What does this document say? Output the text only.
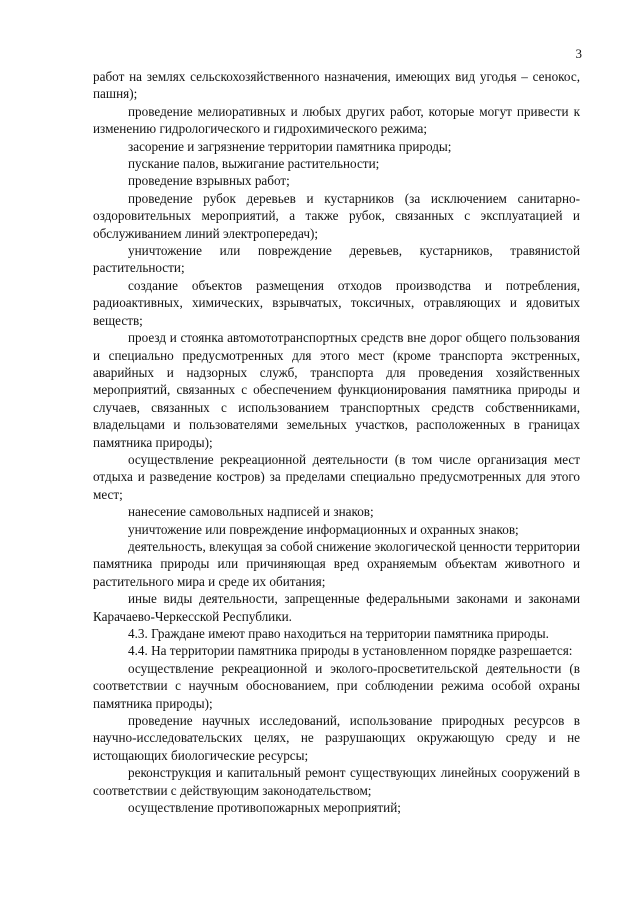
3

работ на землях сельскохозяйственного назначения, имеющих вид угодья – сенокос, пашня);

проведение мелиоративных и любых других работ, которые могут привести к изменению гидрологического и гидрохимического режима;

засорение и загрязнение территории памятника природы;

пускание палов, выжигание растительности;

проведение взрывных работ;

проведение рубок деревьев и кустарников (за исключением санитарно-оздоровительных мероприятий, а также рубок, связанных с эксплуатацией и обслуживанием линий электропередач);

уничтожение или повреждение деревьев, кустарников, травянистой растительности;

создание объектов размещения отходов производства и потребления, радиоактивных, химических, взрывчатых, токсичных, отравляющих и ядовитых веществ;

проезд и стоянка автомототранспортных средств вне дорог общего пользования и специально предусмотренных для этого мест (кроме транспорта экстренных, аварийных и надзорных служб, транспорта для проведения хозяйственных мероприятий, связанных с обеспечением функционирования памятника природы и случаев, связанных с использованием транспортных средств собственниками, владельцами и пользователями земельных участков, расположенных в границах памятника природы);

осуществление рекреационной деятельности (в том числе организация мест отдыха и разведение костров) за пределами специально предусмотренных для этого мест;

нанесение самовольных надписей и знаков;

уничтожение или повреждение информационных и охранных знаков;

деятельность, влекущая за собой снижение экологической ценности территории памятника природы или причиняющая вред охраняемым объектам животного и растительного мира и среде их обитания;

иные виды деятельности, запрещенные федеральными законами и законами Карачаево-Черкесской Республики.

4.3. Граждане имеют право находиться на территории памятника природы.

4.4. На территории памятника природы в установленном порядке разрешается:

осуществление рекреационной и эколого-просветительской деятельности (в соответствии с научным обоснованием, при соблюдении режима особой охраны памятника природы);

проведение научных исследований, использование природных ресурсов в научно-исследовательских целях, не разрушающих окружающую среду и не истощающих биологические ресурсы;

реконструкция и капитальный ремонт существующих линейных сооружений в соответствии с действующим законодательством;

осуществление противопожарных мероприятий;
